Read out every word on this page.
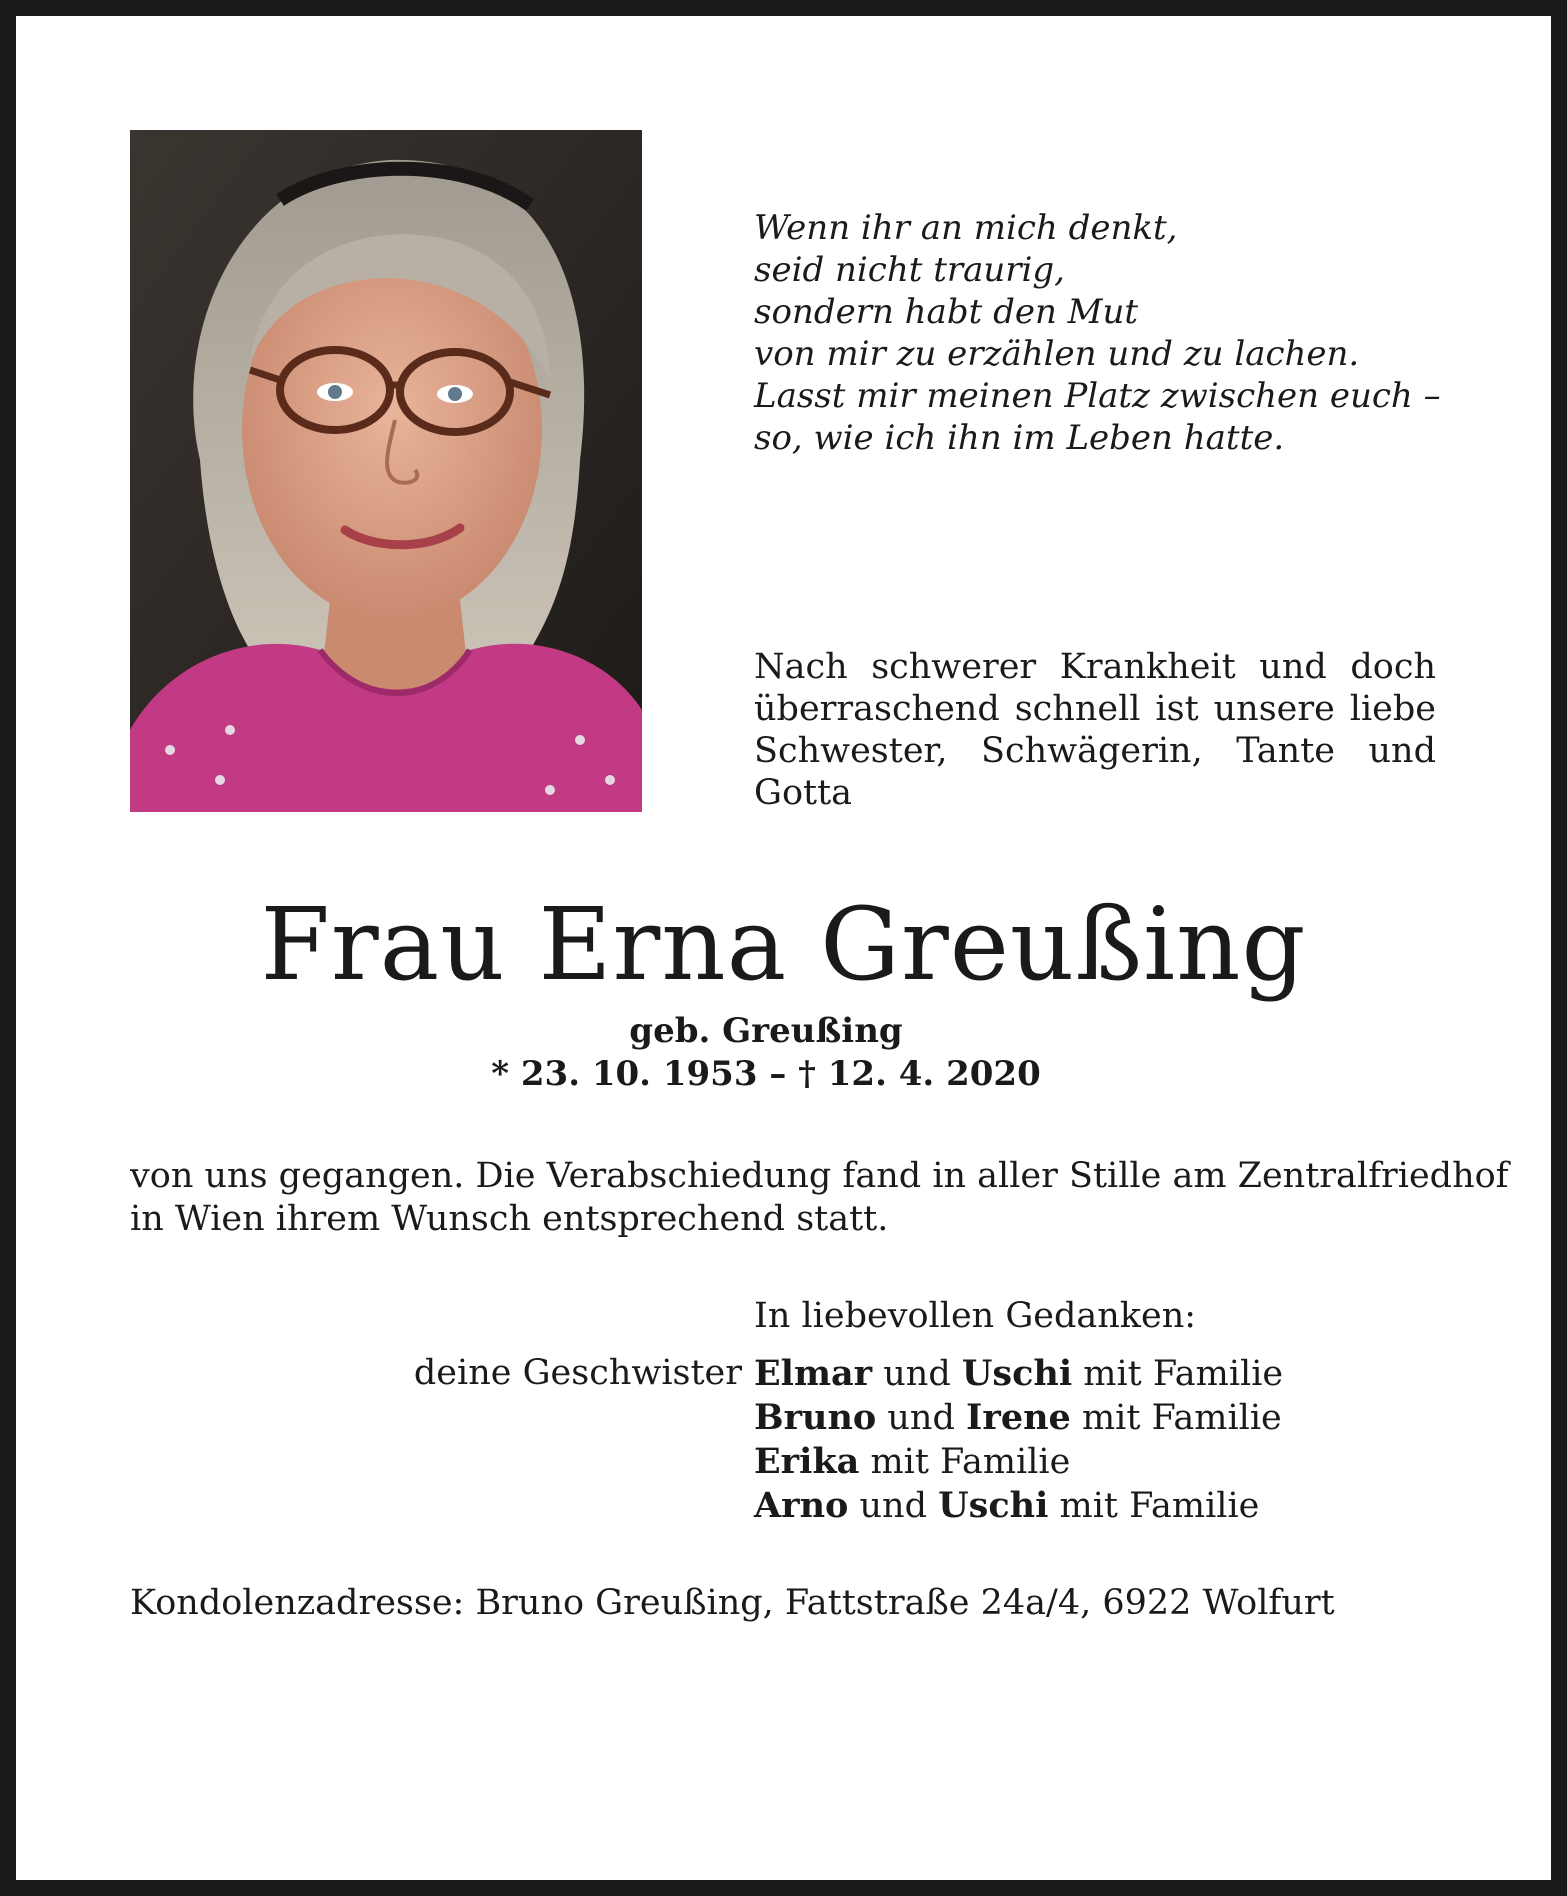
Wenn ihr an mich denkt,
seid nicht traurig,
sondern habt den Mut
von mir zu erzählen und zu lachen.
Lasst mir meinen Platz zwischen euch –
so, wie ich ihn im Leben hatte.
Nach schwerer Krankheit und doch
überraschend schnell ist unsere liebe
Schwester, Schwägerin, Tante und
Gotta
Frau Erna Greußing
geb. Greußing
* 23. 10. 1953 – † 12. 4. 2020
von uns gegangen. Die Verabschiedung fand in aller Stille am Zentralfriedhof
in Wien ihrem Wunsch entsprechend statt.
In liebevollen Gedanken:
deine Geschwister Elmar und Uschi mit Familie
Bruno und Irene mit Familie
Erika mit Familie
Arno und Uschi mit Familie
Kondolenzadresse: Bruno Greußing, Fattstraße 24a/4, 6922 Wolfurt
